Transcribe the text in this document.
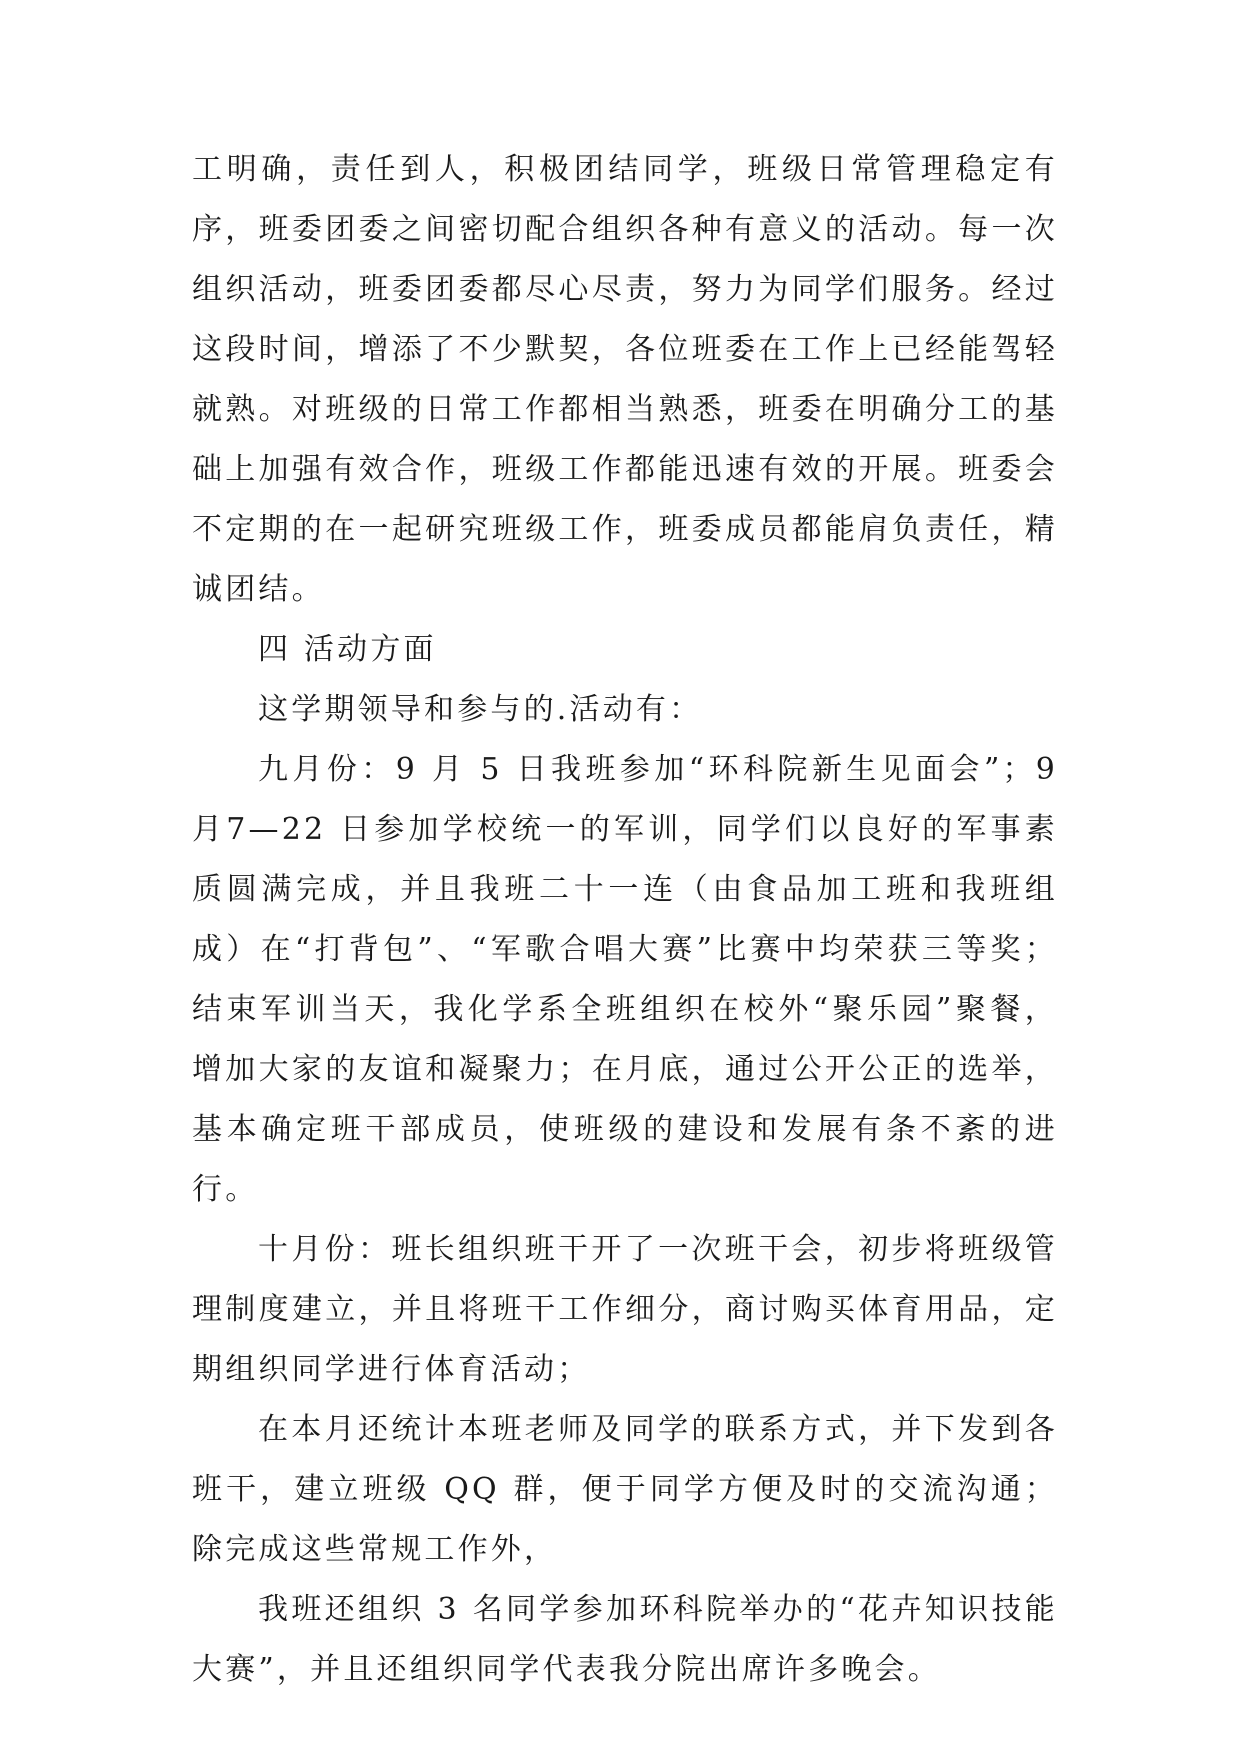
工明确，责任到人，积极团结同学，班级日常管理稳定有序，班委团委之间密切配合组织各种有意义的活动。每一次组织活动，班委团委都尽心尽责，努力为同学们服务。经过这段时间，增添了不少默契，各位班委在工作上已经能驾轻就熟。对班级的日常工作都相当熟悉，班委在明确分工的基础上加强有效合作，班级工作都能迅速有效的开展。班委会不定期的在一起研究班级工作，班委成员都能肩负责任，精诚团结。

四 活动方面

这学期领导和参与的.活动有：

九月份：9 月 5 日我班参加“环科院新生见面会”；9 月7—22 日参加学校统一的军训，同学们以良好的军事素质圆满完成，并且我班二十一连（由食品加工班和我班组成）在“打背包”、“军歌合唱大赛”比赛中均荣获三等奖；结束军训当天，我化学系全班组织在校外“聚乐园”聚餐，增加大家的友谊和凝聚力；在月底，通过公开公正的选举，基本确定班干部成员，使班级的建设和发展有条不紊的进行。

十月份：班长组织班干开了一次班干会，初步将班级管理制度建立，并且将班干工作细分，商讨购买体育用品，定期组织同学进行体育活动；

在本月还统计本班老师及同学的联系方式，并下发到各班干，建立班级 QQ 群，便于同学方便及时的交流沟通；除完成这些常规工作外，

我班还组织 3 名同学参加环科院举办的“花卉知识技能大赛”，并且还组织同学代表我分院出席许多晚会。
